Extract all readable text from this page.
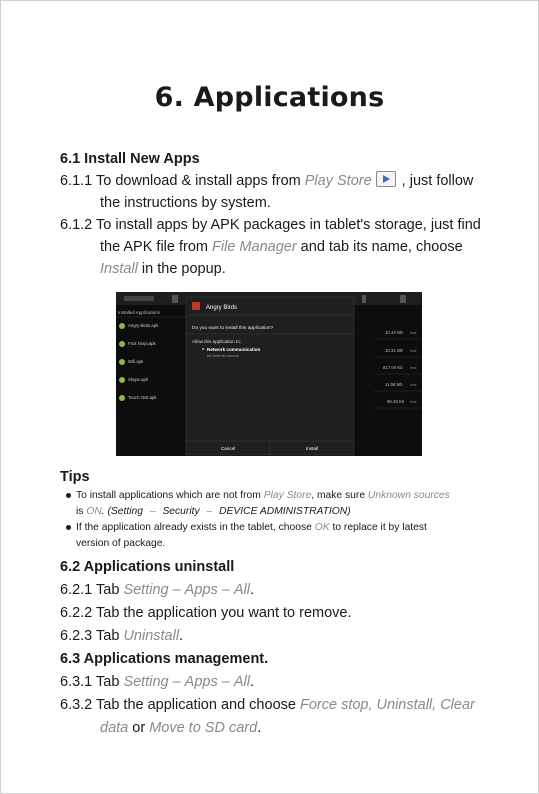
6. Applications

6.1 Install New Apps

6.1.1 To download & install apps from Play Store , just follow
the instructions by system.

6.1.2 To install apps by APK packages in tablet's storage, just find
the APK file from File Manager and tab its name, choose
Install in the popup.

Installed Applications
Angry Birds.apk
Fruit Ninja.apk
Wifi.apk
Skype.apk
Touch Test.apk
10.44 Mb Inst
10.31 Mb Inst
817.04 Kb Inst
11.58 Mb Inst
96.48 Kb Inst
Angry Birds
Do you want to install this application?
Allow this application to:
Network communication
full Internet access
Cancel	Install

Tips

To install applications which are not from Play Store, make sure Unknown sources
is ON. (Setting – Security – DEVICE ADMINISTRATION)

If the application already exists in the tablet, choose OK to replace it by latest
version of package.

6.2 Applications uninstall

6.2.1 Tab Setting – Apps – All.

6.2.2 Tab the application you want to remove.

6.2.3 Tab Uninstall.

6.3 Applications management.

6.3.1 Tab Setting – Apps – All.

6.3.2 Tab the application and choose Force stop, Uninstall, Clear
data or Move to SD card.
